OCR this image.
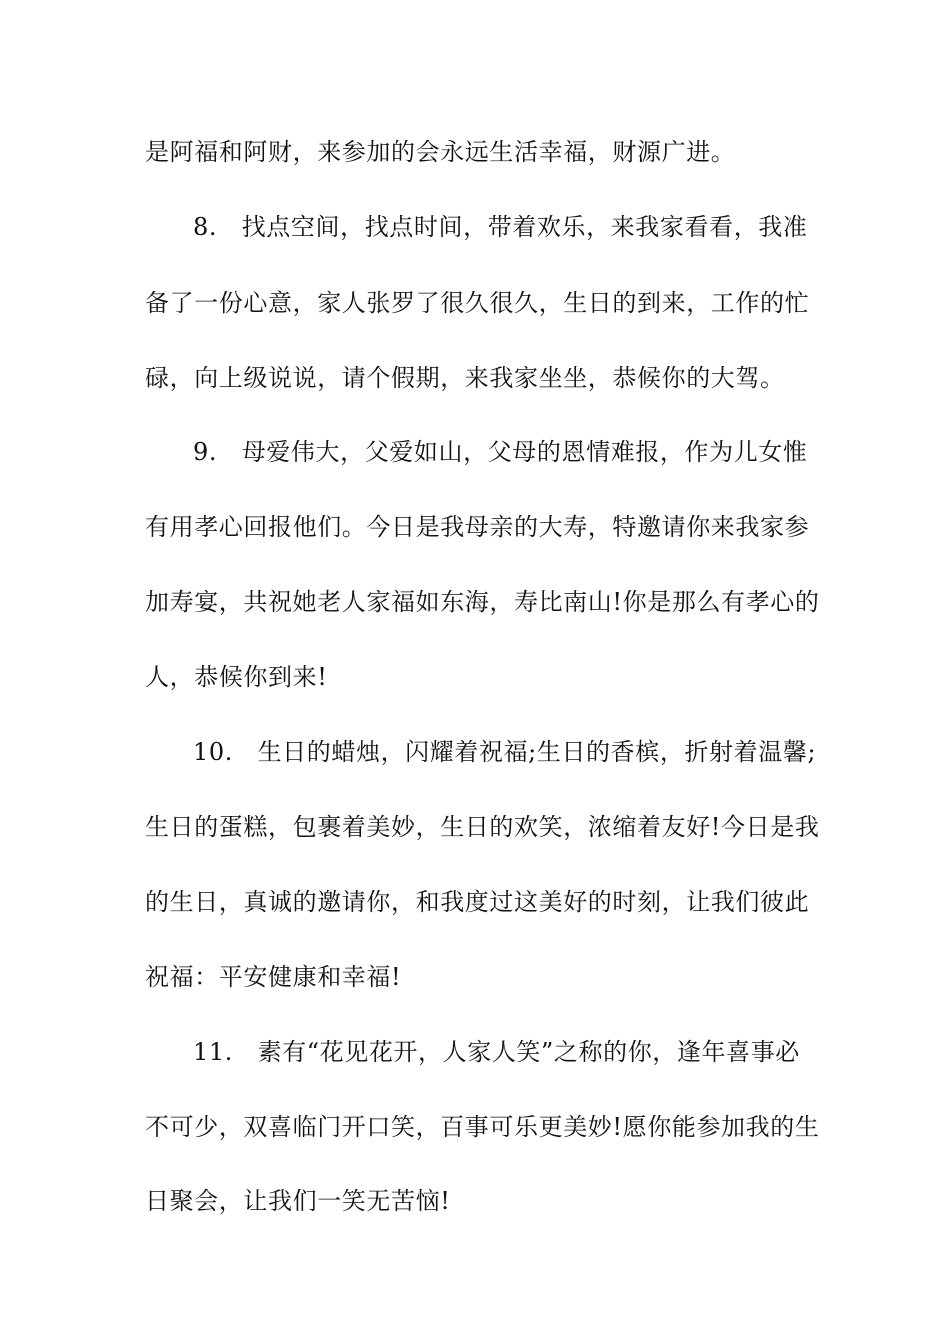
是阿福和阿财，来参加的会永远生活幸福，财源广进。
8.　找点空间，找点时间，带着欢乐，来我家看看，我准
备了一份心意，家人张罗了很久很久，生日的到来，工作的忙
碌，向上级说说，请个假期，来我家坐坐，恭候你的大驾。
9.　母爱伟大，父爱如山，父母的恩情难报，作为儿女惟
有用孝心回报他们。今日是我母亲的大寿，特邀请你来我家参
加寿宴，共祝她老人家福如东海，寿比南山!你是那么有孝心的
人，恭候你到来!
10.　生日的蜡烛，闪耀着祝福;生日的香槟，折射着温馨;
生日的蛋糕，包裹着美妙，生日的欢笑，浓缩着友好!今日是我
的生日，真诚的邀请你，和我度过这美好的时刻，让我们彼此
祝福：平安健康和幸福!
11.　素有“花见花开，人家人笑”之称的你，逢年喜事必
不可少，双喜临门开口笑，百事可乐更美妙!愿你能参加我的生
日聚会，让我们一笑无苦恼!
